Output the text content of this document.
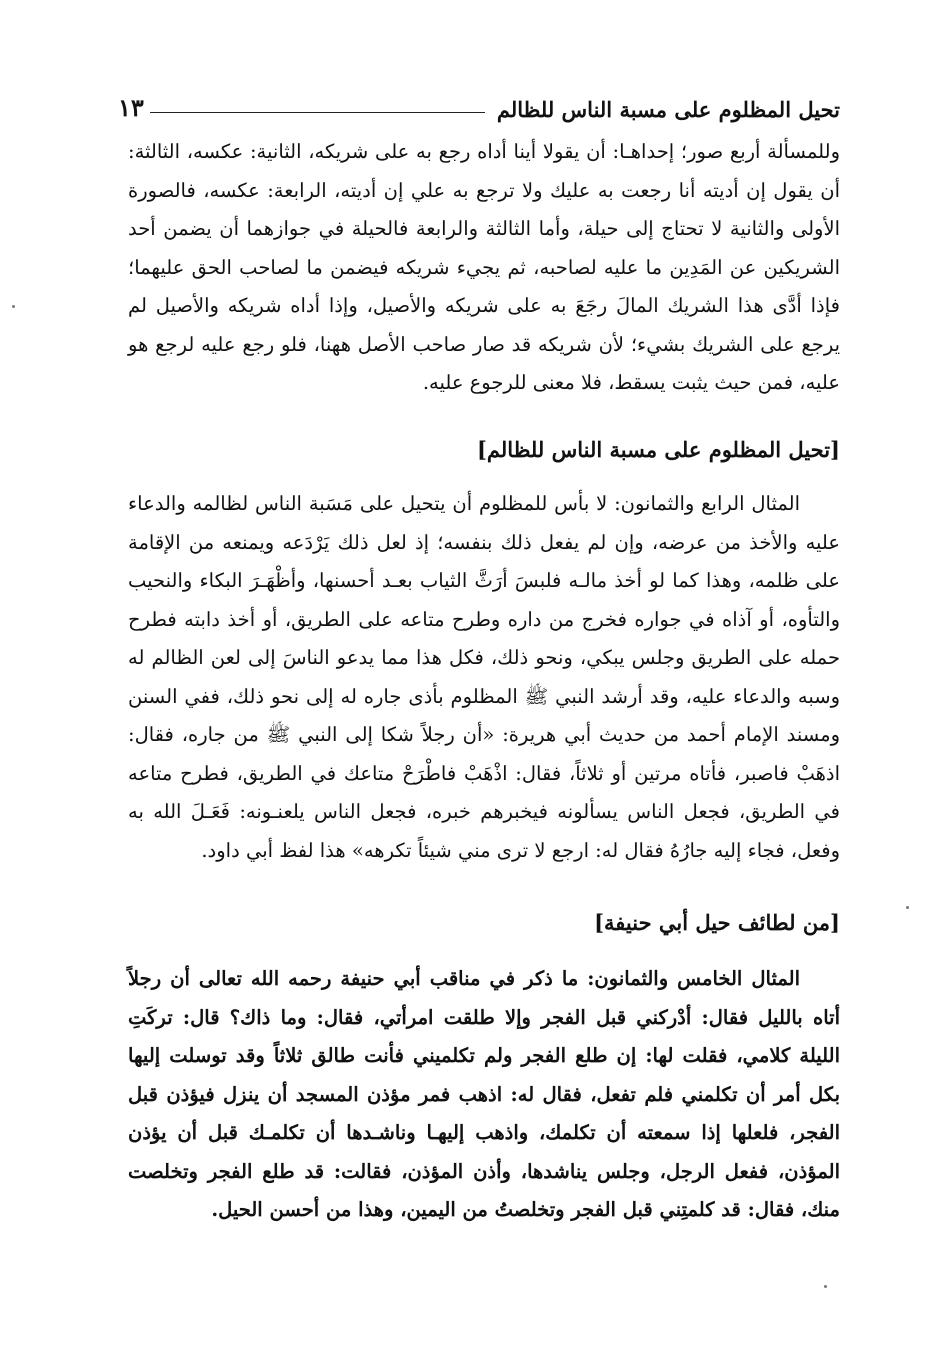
تحيل المظلوم على مسبة الناس للظالم
١٣
وللمسألة أربع صور؛ إحداهـا: أن يقولا أينا أداه رجع به على شريكه، الثانية: عكسه، الثالثة: أن يقول إن أديته أنا رجعت به عليك ولا ترجع به علي إن أديته، الرابعة: عكسه، فالصورة الأولى والثانية لا تحتاج إلى حيلة، وأما الثالثة والرابعة فالحيلة في جوازهما أن يضمن أحد الشريكين عن المَدِين ما عليه لصاحبه، ثم يجيء شريكه فيضمن ما لصاحب الحق عليهما؛ فإذا أدَّى هذا الشريك المالَ رجَعَ به على شريكه والأصيل، وإذا أداه شريكه والأصيل لم يرجع على الشريك بشيء؛ لأن شريكه قد صار صاحب الأصل ههنا، فلو رجع عليه لرجع هو عليه، فمن حيث يثبت يسقط، فلا معنى للرجوع عليه.
[تحيل المظلوم على مسبة الناس للظالم]
المثال الرابع والثمانون: لا بأس للمظلوم أن يتحيل على مَسَبة الناس لظالمه والدعاء عليه والأخذ من عرضه، وإن لم يفعل ذلك بنفسه؛ إذ لعل ذلك يَرْدَعه ويمنعه من الإقامة على ظلمه، وهذا كما لو أخذ مالـه فلبسَ أرَثَّ الثياب بعـد أحسنها، وأظْهَـرَ البكاء والنحيب والتأوه، أو آذاه في جواره فخرج من داره وطرح متاعه على الطريق، أو أخذ دابته فطرح حمله على الطريق وجلس يبكي، ونحو ذلك، فكل هذا مما يدعو الناسَ إلى لعن الظالم له وسبه والدعاء عليه، وقد أرشد النبي ﷺ المظلوم بأذى جاره له إلى نحو ذلك، ففي السنن ومسند الإمام أحمد من حديث أبي هريرة: «أن رجلاً شكا إلى النبي ﷺ من جاره، فقال: اذهَبْ فاصبر، فأتاه مرتين أو ثلاثاً، فقال: اذْهَبْ فاطْرَحْ متاعك في الطريق، فطرح متاعه في الطريق، فجعل الناس يسألونه فيخبرهم خبره، فجعل الناس يلعنـونه: فَعَـلَ الله به وفعل، فجاء إليه جارُهُ فقال له: ارجع لا ترى مني شيئاً تكرهه» هذا لفظ أبي داود.
[من لطائف حيل أبي حنيفة]
المثال الخامس والثمانون: ما ذكر في مناقب أبي حنيفة رحمه الله تعالى أن رجلاً أتاه بالليل فقال: أدْركني قبل الفجر وإلا طلقت امرأتي، فقال: وما ذاك؟ قال: تركَتِ الليلة كلامي، فقلت لها: إن طلع الفجر ولم تكلميني فأنت طالق ثلاثاً وقد توسلت إليها بكل أمر أن تكلمني فلم تفعل، فقال له: اذهب فمر مؤذن المسجد أن ينزل فيؤذن قبل الفجر، فلعلها إذا سمعته أن تكلمك، واذهب إليهـا وناشـدها أن تكلمـك قبل أن يؤذن المؤذن، ففعل الرجل، وجلس يناشدها، وأذن المؤذن، فقالت: قد طلع الفجر وتخلصت منك، فقال: قد كلمتِني قبل الفجر وتخلصتُ من اليمين، وهذا من أحسن الحيل.
